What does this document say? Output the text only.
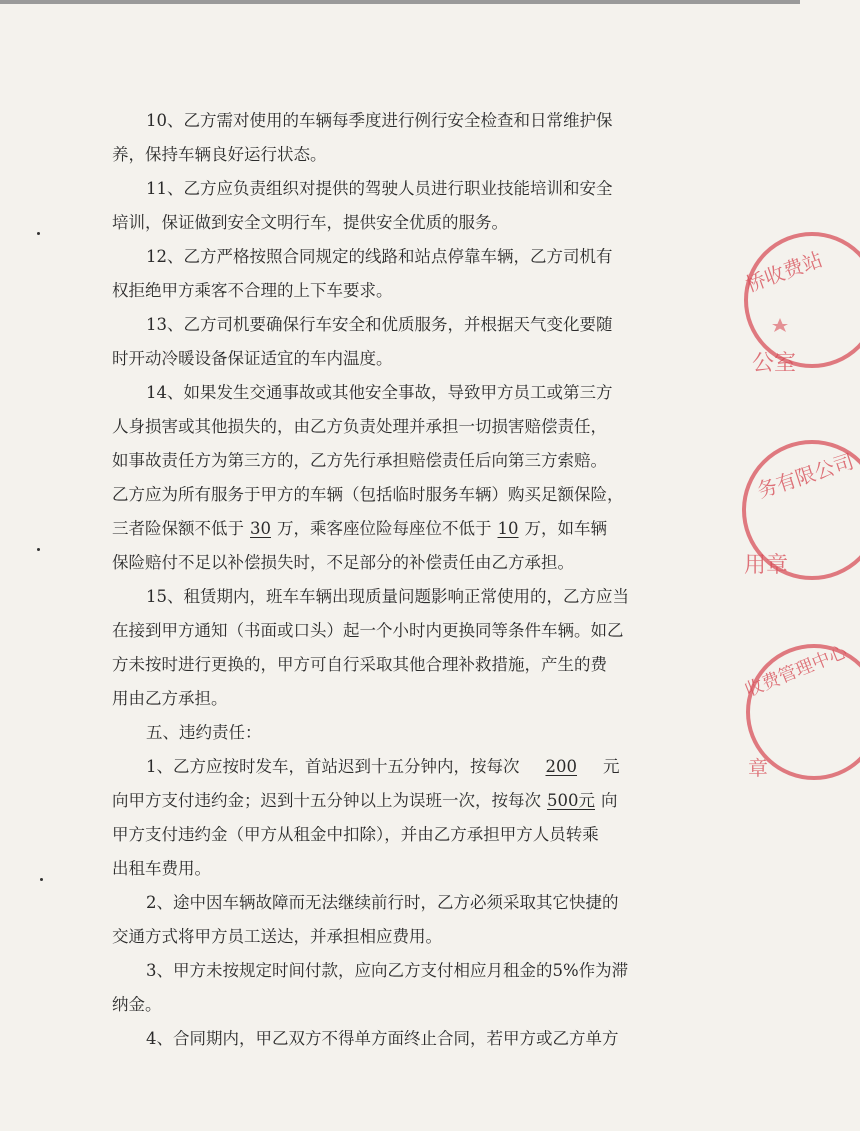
10、乙方需对使用的车辆每季度进行例行安全检查和日常维护保
养，保持车辆良好运行状态。
11、乙方应负责组织对提供的驾驶人员进行职业技能培训和安全
培训，保证做到安全文明行车，提供安全优质的服务。
12、乙方严格按照合同规定的线路和站点停靠车辆，乙方司机有
权拒绝甲方乘客不合理的上下车要求。
13、乙方司机要确保行车安全和优质服务，并根据天气变化要随
时开动冷暖设备保证适宜的车内温度。
14、如果发生交通事故或其他安全事故，导致甲方员工或第三方
人身损害或其他损失的，由乙方负责处理并承担一切损害赔偿责任，
如事故责任方为第三方的，乙方先行承担赔偿责任后向第三方索赔。
乙方应为所有服务于甲方的车辆（包括临时服务车辆）购买足额保险，
三者险保额不低于 30 万，乘客座位险每座位不低于 10 万，如车辆
保险赔付不足以补偿损失时，不足部分的补偿责任由乙方承担。
15、租赁期内，班车车辆出现质量问题影响正常使用的，乙方应当
在接到甲方通知（书面或口头）起一个小时内更换同等条件车辆。如乙
方未按时进行更换的，甲方可自行采取其他合理补救措施，产生的费
用由乙方承担。
五、违约责任：
1、乙方应按时发车，首站迟到十五分钟内，按每次 200 元
向甲方支付违约金；迟到十五分钟以上为误班一次，按每次 500元 向
甲方支付违约金（甲方从租金中扣除），并由乙方承担甲方人员转乘
出租车费用。
2、途中因车辆故障而无法继续前行时，乙方必须采取其它快捷的
交通方式将甲方员工送达，并承担相应费用。
3、甲方未按规定时间付款，应向乙方支付相应月租金的5%作为滞
纳金。
4、合同期内，甲乙双方不得单方面终止合同，若甲方或乙方单方
桥收费站
公室
务有限公司
用章
收费管理中心
章
